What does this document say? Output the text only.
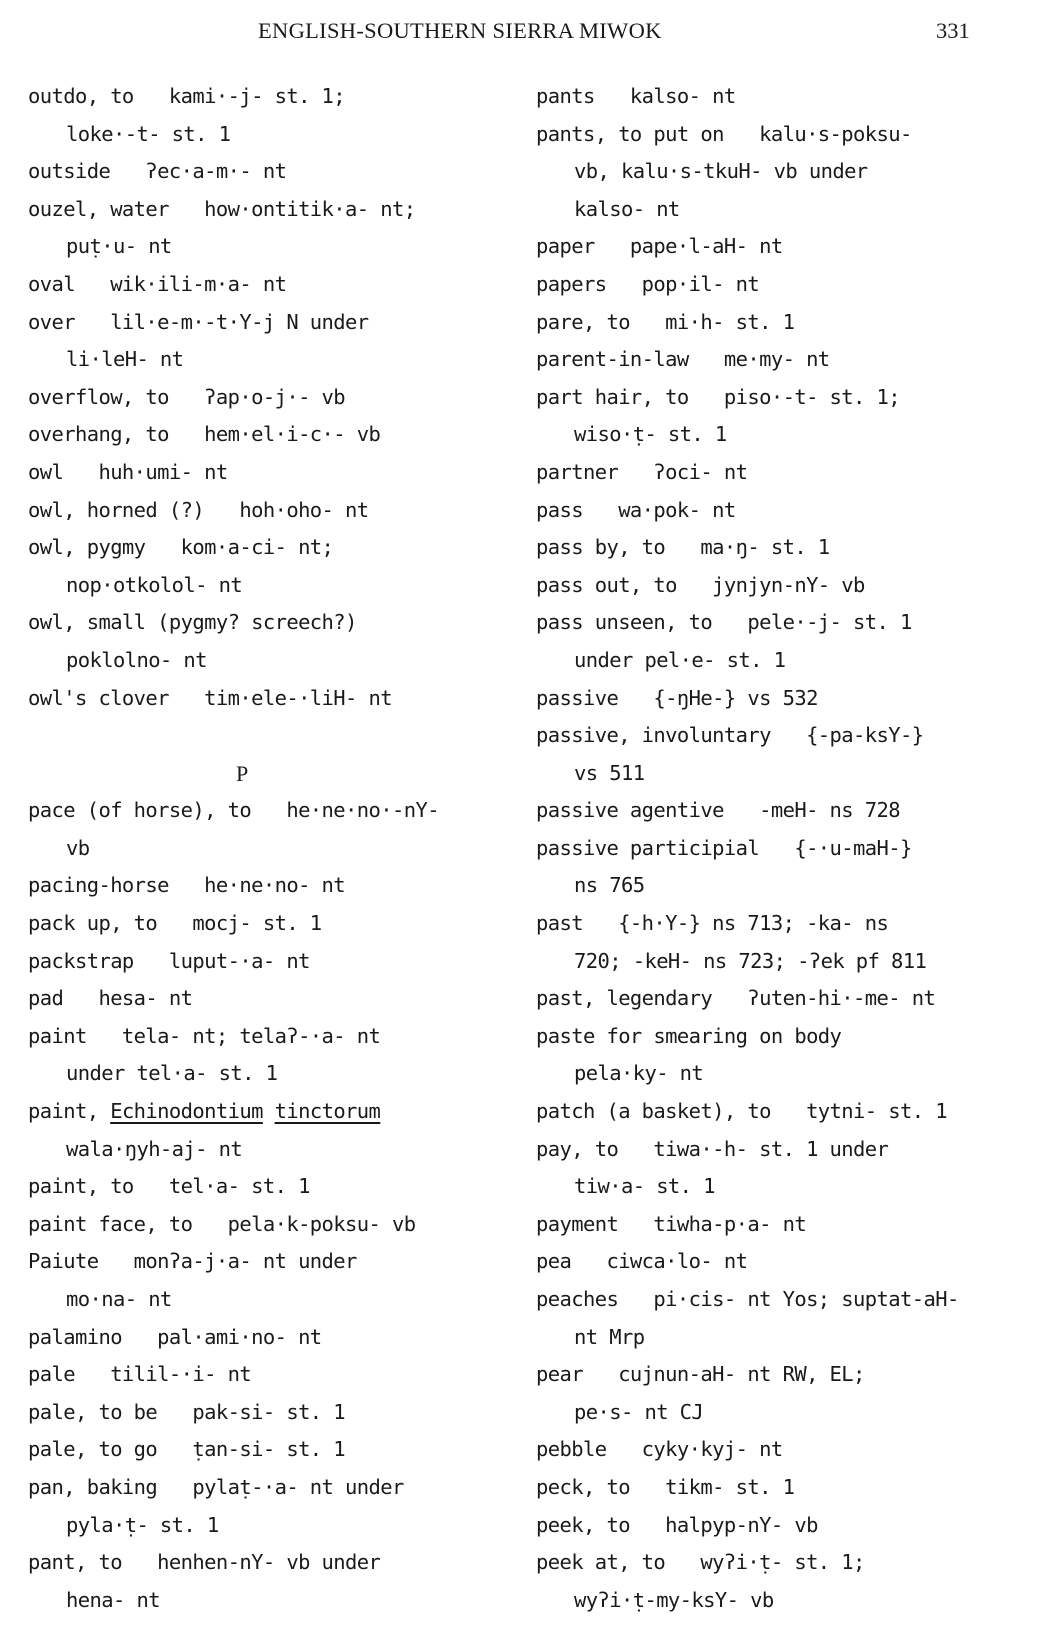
ENGLISH-SOUTHERN SIERRA MIWOK	331
outdo, to   kami·-j- st. 1;
loke·-t- st. 1
outside   ʔec·a-m·- nt
ouzel, water   how·ontitik·a- nt;
puṭ·u- nt
oval   wik·ili-m·a- nt
over   lil·e-m·-t·Y-j N under
li·leH- nt
overflow, to   ʔap·o-j·- vb
overhang, to   hem·el·i-c·- vb
owl   huh·umi- nt
owl, horned (?)   hoh·oho- nt
owl, pygmy   kom·a-ci- nt;
nop·otkolol- nt
owl, small (pygmy? screech?)
poklolno- nt
owl's clover   tim·ele-·liH- nt
P
pace (of horse), to   he·ne·no·-nY-
vb
pacing-horse   he·ne·no- nt
pack up, to   mocj- st. 1
packstrap   luput-·a- nt
pad   hesa- nt
paint   tela- nt; telaʔ-·a- nt
under tel·a- st. 1
paint, Echinodontium tinctorum
wala·ŋyh-aj- nt
paint, to   tel·a- st. 1
paint face, to   pela·k-poksu- vb
Paiute   monʔa-j·a- nt under
mo·na- nt
palamino   pal·ami·no- nt
pale   tilil-·i- nt
pale, to be   pak-si- st. 1
pale, to go   ṭan-si- st. 1
pan, baking   pylaṭ-·a- nt under
pyla·ṭ- st. 1
pant, to   henhen-nY- vb under
hena- nt
pants   kalso- nt
pants, to put on   kalu·s-poksu-
vb, kalu·s-tkuH- vb under
kalso- nt
paper   pape·l-aH- nt
papers   pop·il- nt
pare, to   mi·h- st. 1
parent-in-law   me·my- nt
part hair, to   piso·-t- st. 1;
wiso·ṭ- st. 1
partner   ʔoci- nt
pass   wa·pok- nt
pass by, to   ma·ŋ- st. 1
pass out, to   jynjyn-nY- vb
pass unseen, to   pele·-j- st. 1
under pel·e- st. 1
passive   {-ŋHe-} vs 532
passive, involuntary   {-pa-ksY-}
vs 511
passive agentive   -meH- ns 728
passive participial   {-·u-maH-}
ns 765
past   {-h·Y-} ns 713; -ka- ns
720; -keH- ns 723; -ʔek pf 811
past, legendary   ʔuten-hi·-me- nt
paste for smearing on body
pela·ky- nt
patch (a basket), to   tytni- st. 1
pay, to   tiwa·-h- st. 1 under
tiw·a- st. 1
payment   tiwha-p·a- nt
pea   ciwca·lo- nt
peaches   pi·cis- nt Yos; suptat-aH-
nt Mrp
pear   cujnun-aH- nt RW, EL;
pe·s- nt CJ
pebble   cyky·kyj- nt
peck, to   tikm- st. 1
peek, to   halpyp-nY- vb
peek at, to   wyʔi·ṭ- st. 1;
wyʔi·ṭ-my-ksY- vb
